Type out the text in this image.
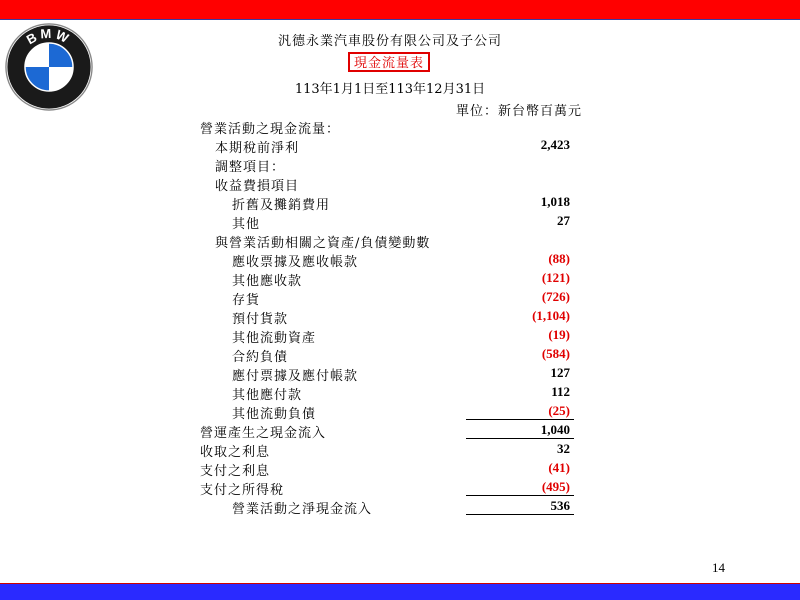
BMW	汎德永業汽車股份有限公司及子公司
現金流量表
113年1月1日至113年12月31日
單位：新台幣百萬元
營業活動之現金流量：
本期稅前淨利	2,423
調整項目：
收益費損項目
折舊及攤銷費用	1,018
其他	27
與營業活動相關之資產/負債變動數
應收票據及應收帳款	(88)
其他應收款	(121)
存貨	(726)
預付貨款	(1,104)
其他流動資產	(19)
合約負債	(584)
應付票據及應付帳款	127
其他應付款	112
其他流動負債	(25)
營運產生之現金流入	1,040
收取之利息	32
支付之利息	(41)
支付之所得稅	(495)
營業活動之淨現金流入	536
14
